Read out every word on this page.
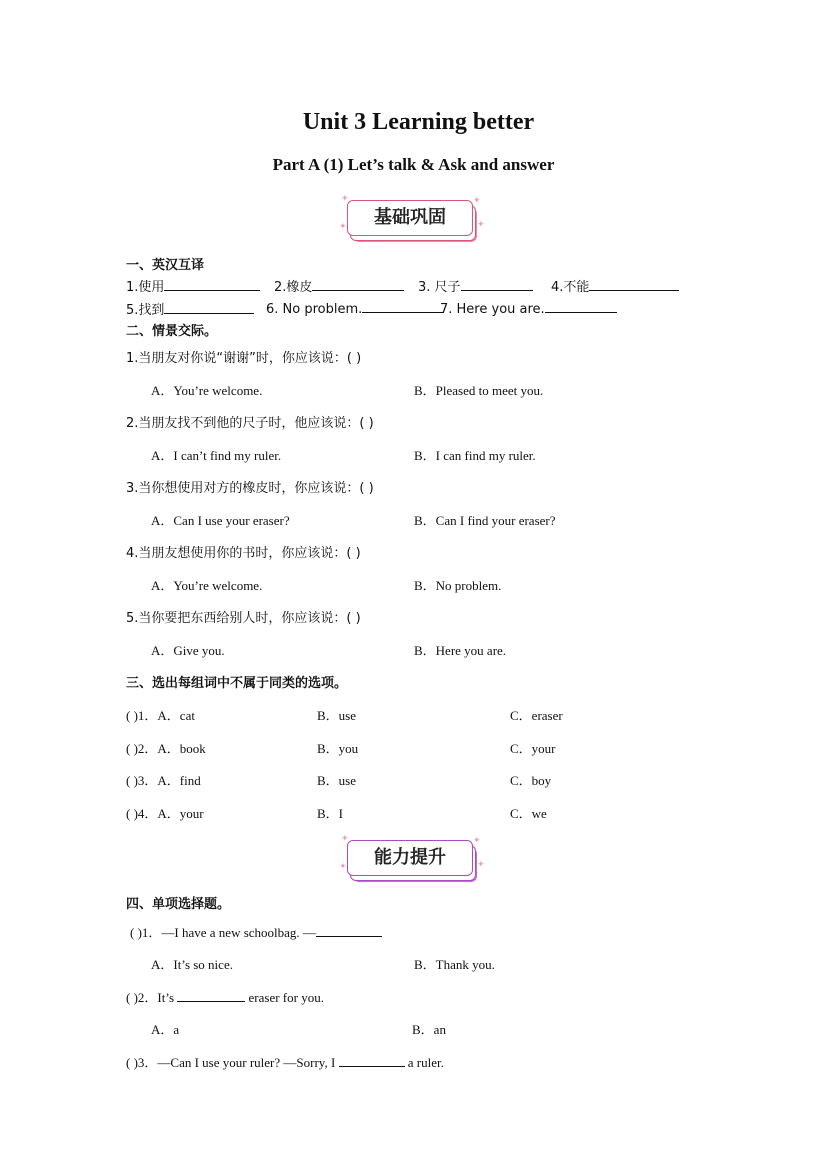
Unit 3 Learning better
Part A (1) Let’s talk & Ask and answer
基础巩固
✦	✦
✦	✦
一、英汉互译
1.使用	2.橡皮	3. 尺子	4.不能
5.找到	6. No problem.	7. Here you are.
二、情景交际。
1.当朋友对你说“谢谢”时，你应该说：( )
A．You’re welcome.	B．Pleased to meet you.
2.当朋友找不到他的尺子时，他应该说：( )
A．I can’t find my ruler.	B．I can find my ruler.
3.当你想使用对方的橡皮时，你应该说：( )
A．Can I use your eraser?	B．Can I find your eraser?
4.当朋友想使用你的书时，你应该说：( )
A．You’re welcome.	B．No problem.
5.当你要把东西给别人时，你应该说：( )
A．Give you.	B．Here you are.
三、选出每组词中不属于同类的选项。
( )1．A．cat	B．use	C．eraser
( )2．A．book	B．you	C．your
( )3．A．find	B．use	C．boy
( )4．A．your	B．I	C．we
能力提升
✦	✦
✦	✦
四、单项选择题。
( )1．—I have a new schoolbag. —
A．It’s so nice.	B．Thank you.
( )2．It’s	eraser for you.
A．a	B．an
( )3．—Can I use your ruler? —Sorry, I	a ruler.
